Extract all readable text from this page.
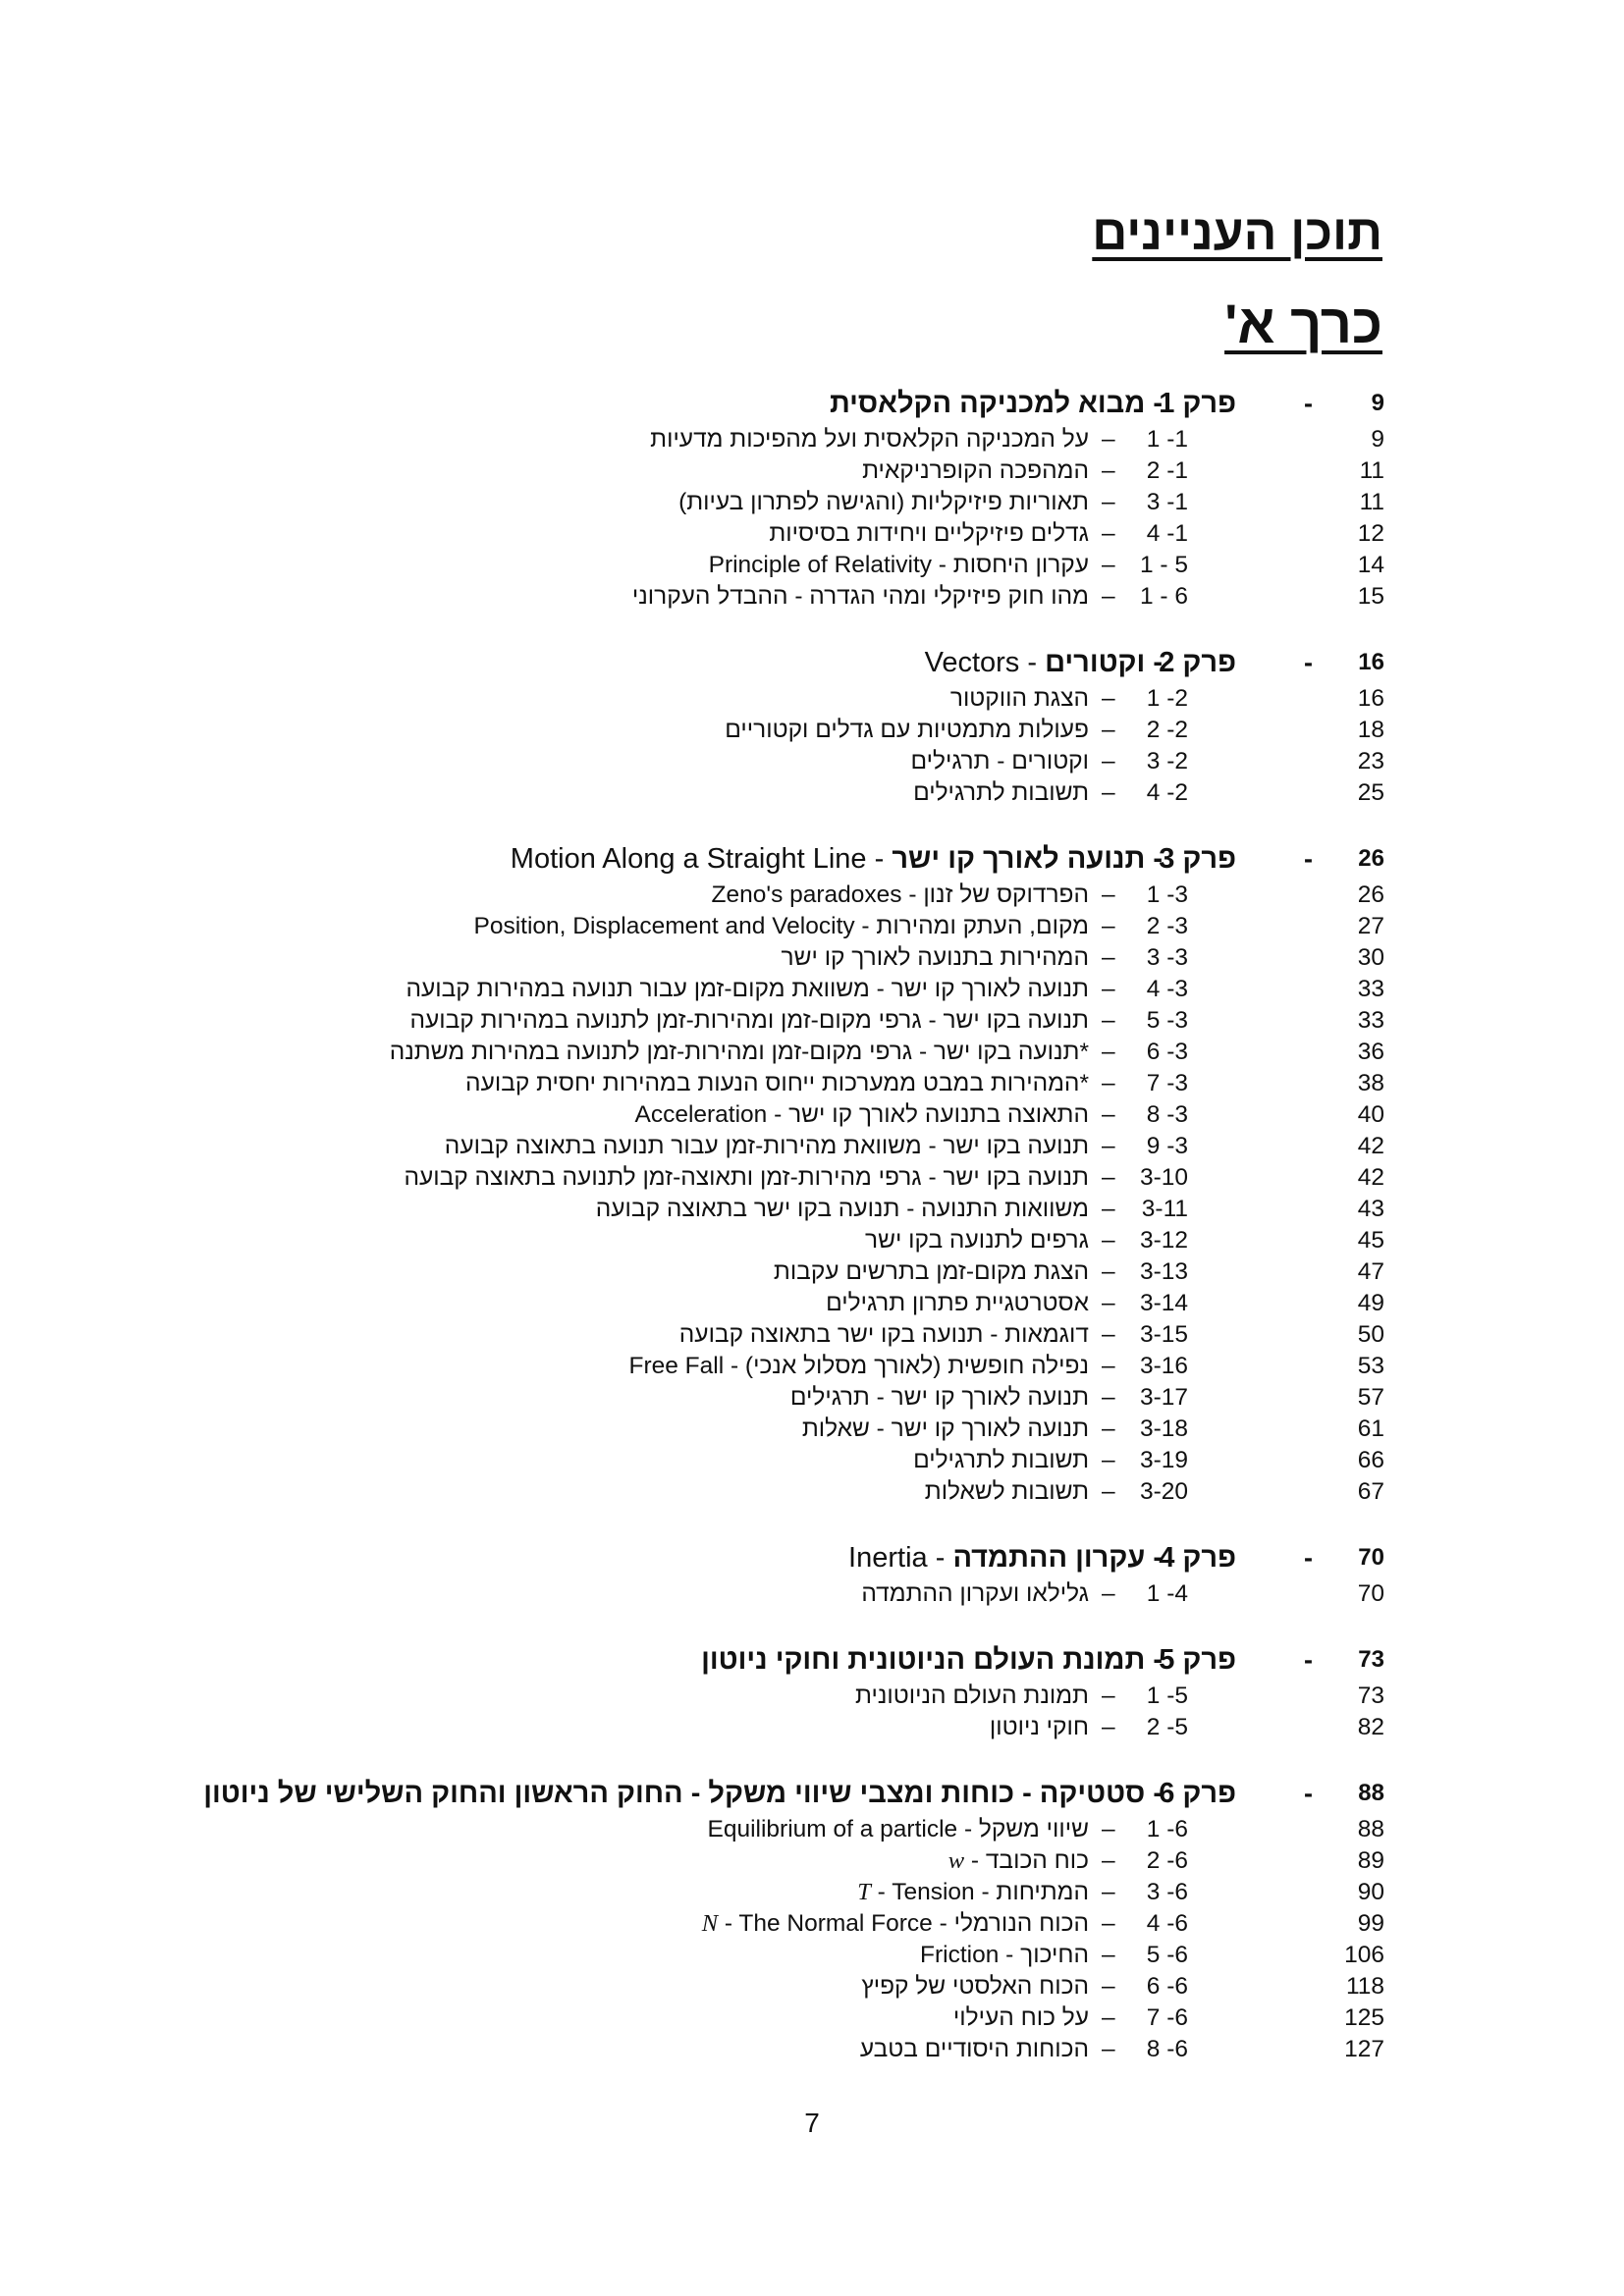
תוכן העניינים
כרך א'
9
-
פרק 1
- מבוא למכניקה הקלאסית
9
1 -1
–
על המכניקה הקלאסית ועל מהפיכות מדעיות
11
2 -1
–
המהפכה הקופרניקאית
11
3 -1
–
תאוריות פיזיקליות (והגישה לפתרון בעיות)
12
4 -1
–
גדלים פיזיקליים ויחידות בסיסיות
14
1 - 5
–
עקרון היחסות - Principle of Relativity
15
1 - 6
–
מהו חוק פיזיקלי ומהי הגדרה - ההבדל העקרוני
16
-
פרק 2
- וקטורים - Vectors
16
1 -2
–
הצגת הווקטור
18
2 -2
–
פעולות מתמטיות עם גדלים וקטוריים
23
3 -2
–
וקטורים - תרגילים
25
4 -2
–
תשובות לתרגילים
26
-
פרק 3
- תנועה לאורך קו ישר - Motion Along a Straight Line
26
1 -3
–
הפרדוקס של זנון - Zeno's paradoxes
27
2 -3
–
מקום, העתק ומהירות - Position, Displacement and Velocity
30
3 -3
–
המהירות בתנועה לאורך קו ישר
33
4 -3
–
תנועה לאורך קו ישר - משוואת מקום-זמן עבור תנועה במהירות קבועה
33
5 -3
–
תנועה בקו ישר - גרפי מקום-זמן ומהירות-זמן לתנועה במהירות קבועה
36
6 -3
–
*תנועה בקו ישר - גרפי מקום-זמן ומהירות-זמן לתנועה במהירות משתנה
38
7 -3
–
*המהירות במבט ממערכות ייחוס הנעות במהירות יחסית קבועה
40
8 -3
–
התאוצה בתנועה לאורך קו ישר - Acceleration
42
9 -3
–
תנועה בקו ישר - משוואת מהירות-זמן עבור תנועה בתאוצה קבועה
42
3-10
–
תנועה בקו ישר - גרפי מהירות-זמן ותאוצה-זמן לתנועה בתאוצה קבועה
43
3-11
–
משוואות התנועה - תנועה בקו ישר בתאוצה קבועה
45
3-12
–
גרפים לתנועה בקו ישר
47
3-13
–
הצגת מקום-זמן בתרשים עקבות
49
3-14
–
אסטרטגיית פתרון תרגילים
50
3-15
–
דוגמאות - תנועה בקו ישר בתאוצה קבועה
53
3-16
–
נפילה חופשית (לאורך מסלול אנכי) - Free Fall
57
3-17
–
תנועה לאורך קו ישר - תרגילים
61
3-18
–
תנועה לאורך קו ישר - שאלות
66
3-19
–
תשובות לתרגילים
67
3-20
–
תשובות לשאלות
70
-
פרק 4
- עקרון ההתמדה - Inertia
70
1 -4
–
גלילאו ועקרון ההתמדה
73
-
פרק 5
- תמונת העולם הניוטונית וחוקי ניוטון
73
1 -5
–
תמונת העולם הניוטונית
82
2 -5
–
חוקי ניוטון
88
-
פרק 6
- סטטיקה - כוחות ומצבי שיווי משקל - החוק הראשון והחוק השלישי של ניוטון
88
1 -6
–
שיווי משקל - Equilibrium of a particle
89
2 -6
–
כוח הכובד - w
90
3 -6
–
המתיחות - T - Tension
99
4 -6
–
הכוח הנורמלי - N - The Normal Force
106
5 -6
–
החיכוך - Friction
118
6 -6
–
הכוח האלסטי של קפיץ
125
7 -6
–
על כוח העילוי
127
8 -6
–
הכוחות היסודיים בטבע
7
